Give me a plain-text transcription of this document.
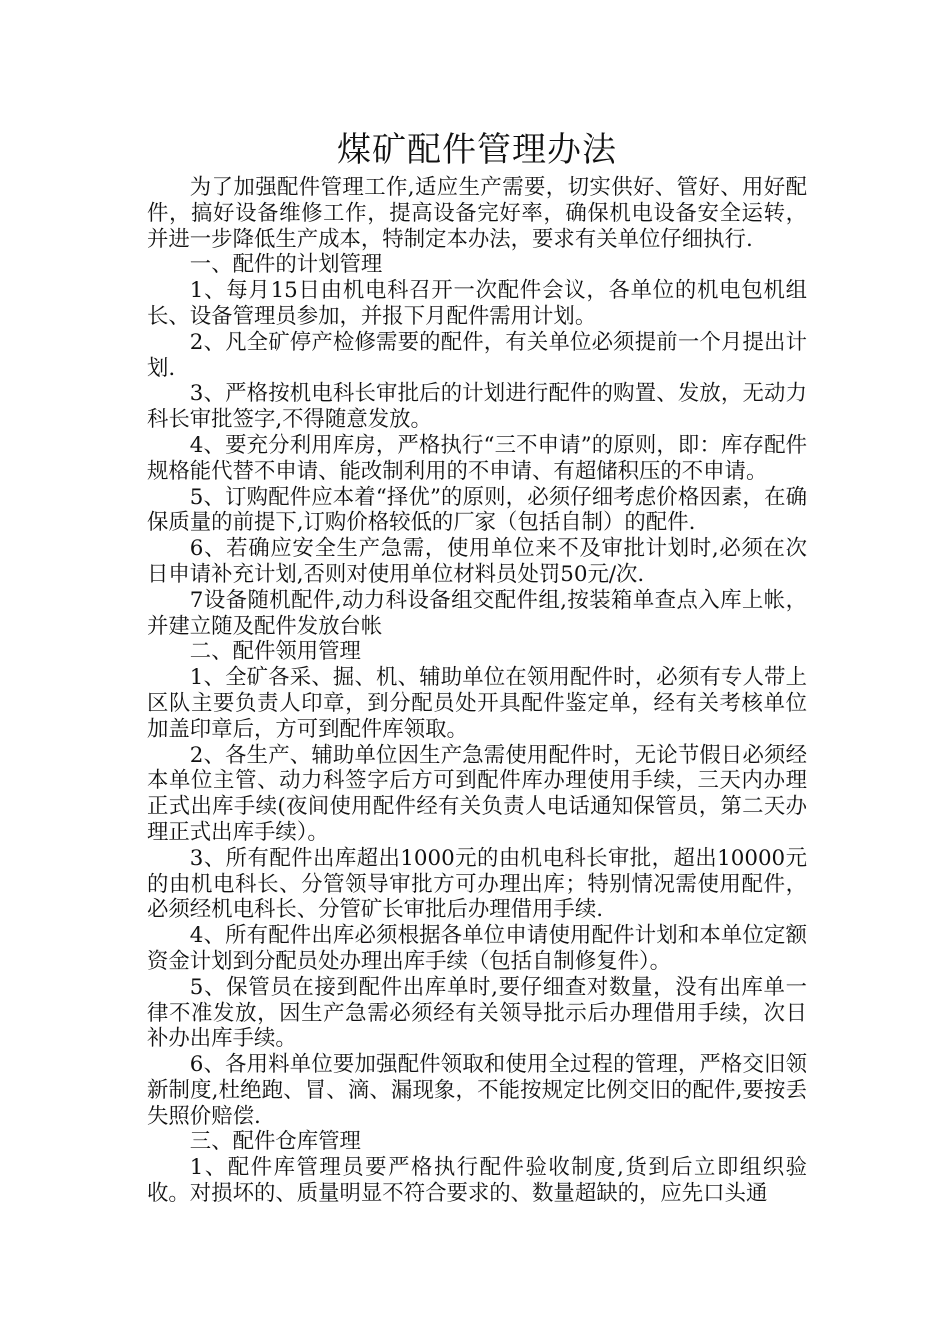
煤矿配件管理办法

为了加强配件管理工作,适应生产需要，切实供好、管好、用好配件，搞好设备维修工作，提高设备完好率，确保机电设备安全运转，并进一步降低生产成本，特制定本办法，要求有关单位仔细执行.

一、配件的计划管理

1、每月15日由机电科召开一次配件会议，各单位的机电包机组长、设备管理员参加，并报下月配件需用计划。

2、凡全矿停产检修需要的配件，有关单位必须提前一个月提出计划.

3、严格按机电科长审批后的计划进行配件的购置、发放，无动力科长审批签字,不得随意发放。

4、要充分利用库房，严格执行“三不申请”的原则，即：库存配件规格能代替不申请、能改制利用的不申请、有超储积压的不申请。

5、订购配件应本着“择优”的原则，必须仔细考虑价格因素，在确保质量的前提下,订购价格较低的厂家（包括自制）的配件.

6、若确应安全生产急需，使用单位来不及审批计划时,必须在次日申请补充计划,否则对使用单位材料员处罚50元/次.

7设备随机配件,动力科设备组交配件组,按装箱单查点入库上帐，并建立随及配件发放台帐

二、配件领用管理

1、全矿各采、掘、机、辅助单位在领用配件时，必须有专人带上区队主要负责人印章，到分配员处开具配件鉴定单，经有关考核单位加盖印章后，方可到配件库领取。

2、各生产、辅助单位因生产急需使用配件时，无论节假日必须经本单位主管、动力科签字后方可到配件库办理使用手续，三天内办理正式出库手续(夜间使用配件经有关负责人电话通知保管员，第二天办理正式出库手续）。

3、所有配件出库超出1000元的由机电科长审批，超出10000元的由机电科长、分管领导审批方可办理出库；特别情况需使用配件，必须经机电科长、分管矿长审批后办理借用手续.

4、所有配件出库必须根据各单位申请使用配件计划和本单位定额资金计划到分配员处办理出库手续（包括自制修复件）。

5、保管员在接到配件出库单时,要仔细查对数量，没有出库单一律不准发放，因生产急需必须经有关领导批示后办理借用手续，次日补办出库手续。

6、各用料单位要加强配件领取和使用全过程的管理，严格交旧领新制度,杜绝跑、冒、滴、漏现象，不能按规定比例交旧的配件,要按丢失照价赔偿.

三、配件仓库管理

1、配件库管理员要严格执行配件验收制度,货到后立即组织验收。对损坏的、质量明显不符合要求的、数量超缺的，应先口头通
